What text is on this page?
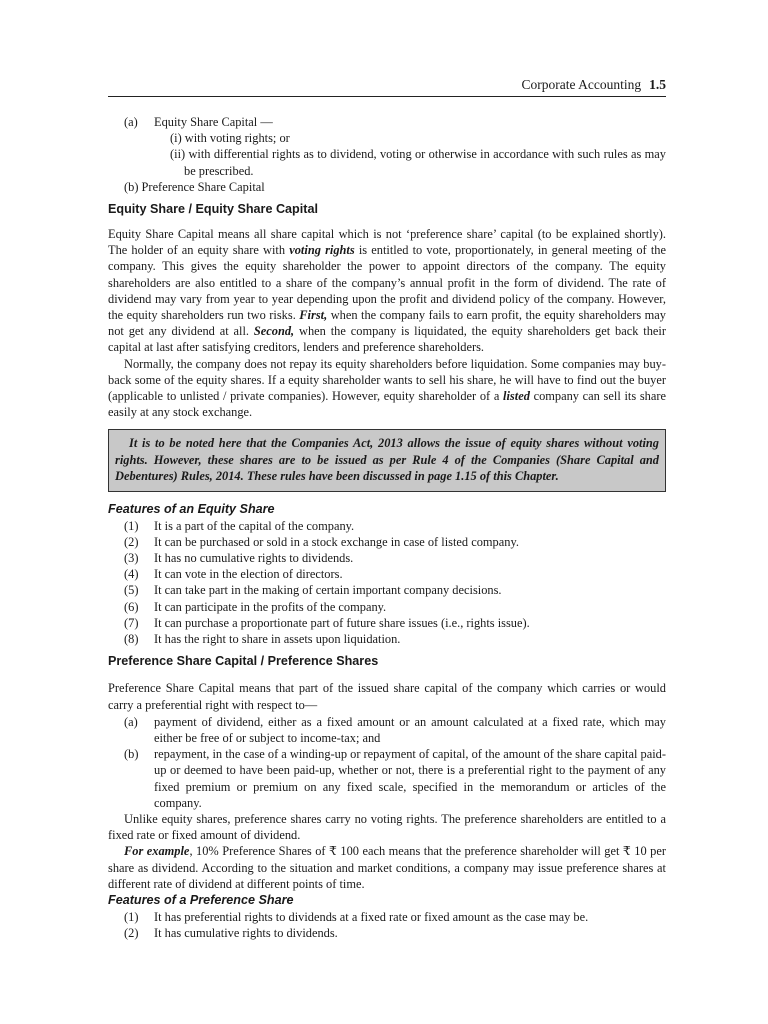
Corporate Accounting 1.5
(a)	Equity Share Capital —
(i) with voting rights; or
(ii) with differential rights as to dividend, voting or otherwise in accordance with such rules as may be prescribed.
(b) Preference Share Capital
Equity Share / Equity Share Capital
Equity Share Capital means all share capital which is not ‘preference share’ capital (to be explained shortly). The holder of an equity share with voting rights is entitled to vote, proportionately, in general meeting of the company. This gives the equity shareholder the power to appoint directors of the company. The equity shareholders are also entitled to a share of the company’s annual profit in the form of dividend. The rate of dividend may vary from year to year depending upon the profit and dividend policy of the company. However, the equity shareholders run two risks. First, when the company fails to earn profit, the equity shareholders may not get any dividend at all. Second, when the company is liquidated, the equity shareholders get back their capital at last after satisfying creditors, lenders and preference shareholders.
Normally, the company does not repay its equity shareholders before liquidation. Some companies may buy-back some of the equity shares. If a equity shareholder wants to sell his share, he will have to find out the buyer (applicable to unlisted / private companies). However, equity shareholder of a listed company can sell its share easily at any stock exchange.
It is to be noted here that the Companies Act, 2013 allows the issue of equity shares without voting rights. However, these shares are to be issued as per Rule 4 of the Companies (Share Capital and Debentures) Rules, 2014. These rules have been discussed in page 1.15 of this Chapter.
Features of an Equity Share
(1) It is a part of the capital of the company.
(2) It can be purchased or sold in a stock exchange in case of listed company.
(3) It has no cumulative rights to dividends.
(4) It can vote in the election of directors.
(5) It can take part in the making of certain important company decisions.
(6) It can participate in the profits of the company.
(7) It can purchase a proportionate part of future share issues (i.e., rights issue).
(8) It has the right to share in assets upon liquidation.
Preference Share Capital / Preference Shares
Preference Share Capital means that part of the issued share capital of the company which carries or would carry a preferential right with respect to—
(a) payment of dividend, either as a fixed amount or an amount calculated at a fixed rate, which may either be free of or subject to income-tax; and
(b) repayment, in the case of a winding-up or repayment of capital, of the amount of the share capital paid-up or deemed to have been paid-up, whether or not, there is a preferential right to the payment of any fixed premium or premium on any fixed scale, specified in the memorandum or articles of the company.
Unlike equity shares, preference shares carry no voting rights. The preference shareholders are entitled to a fixed rate or fixed amount of dividend.
For example, 10% Preference Shares of ₹ 100 each means that the preference shareholder will get ₹ 10 per share as dividend. According to the situation and market conditions, a company may issue preference shares at different rate of dividend at different points of time.
Features of a Preference Share
(1) It has preferential rights to dividends at a fixed rate or fixed amount as the case may be.
(2) It has cumulative rights to dividends.
